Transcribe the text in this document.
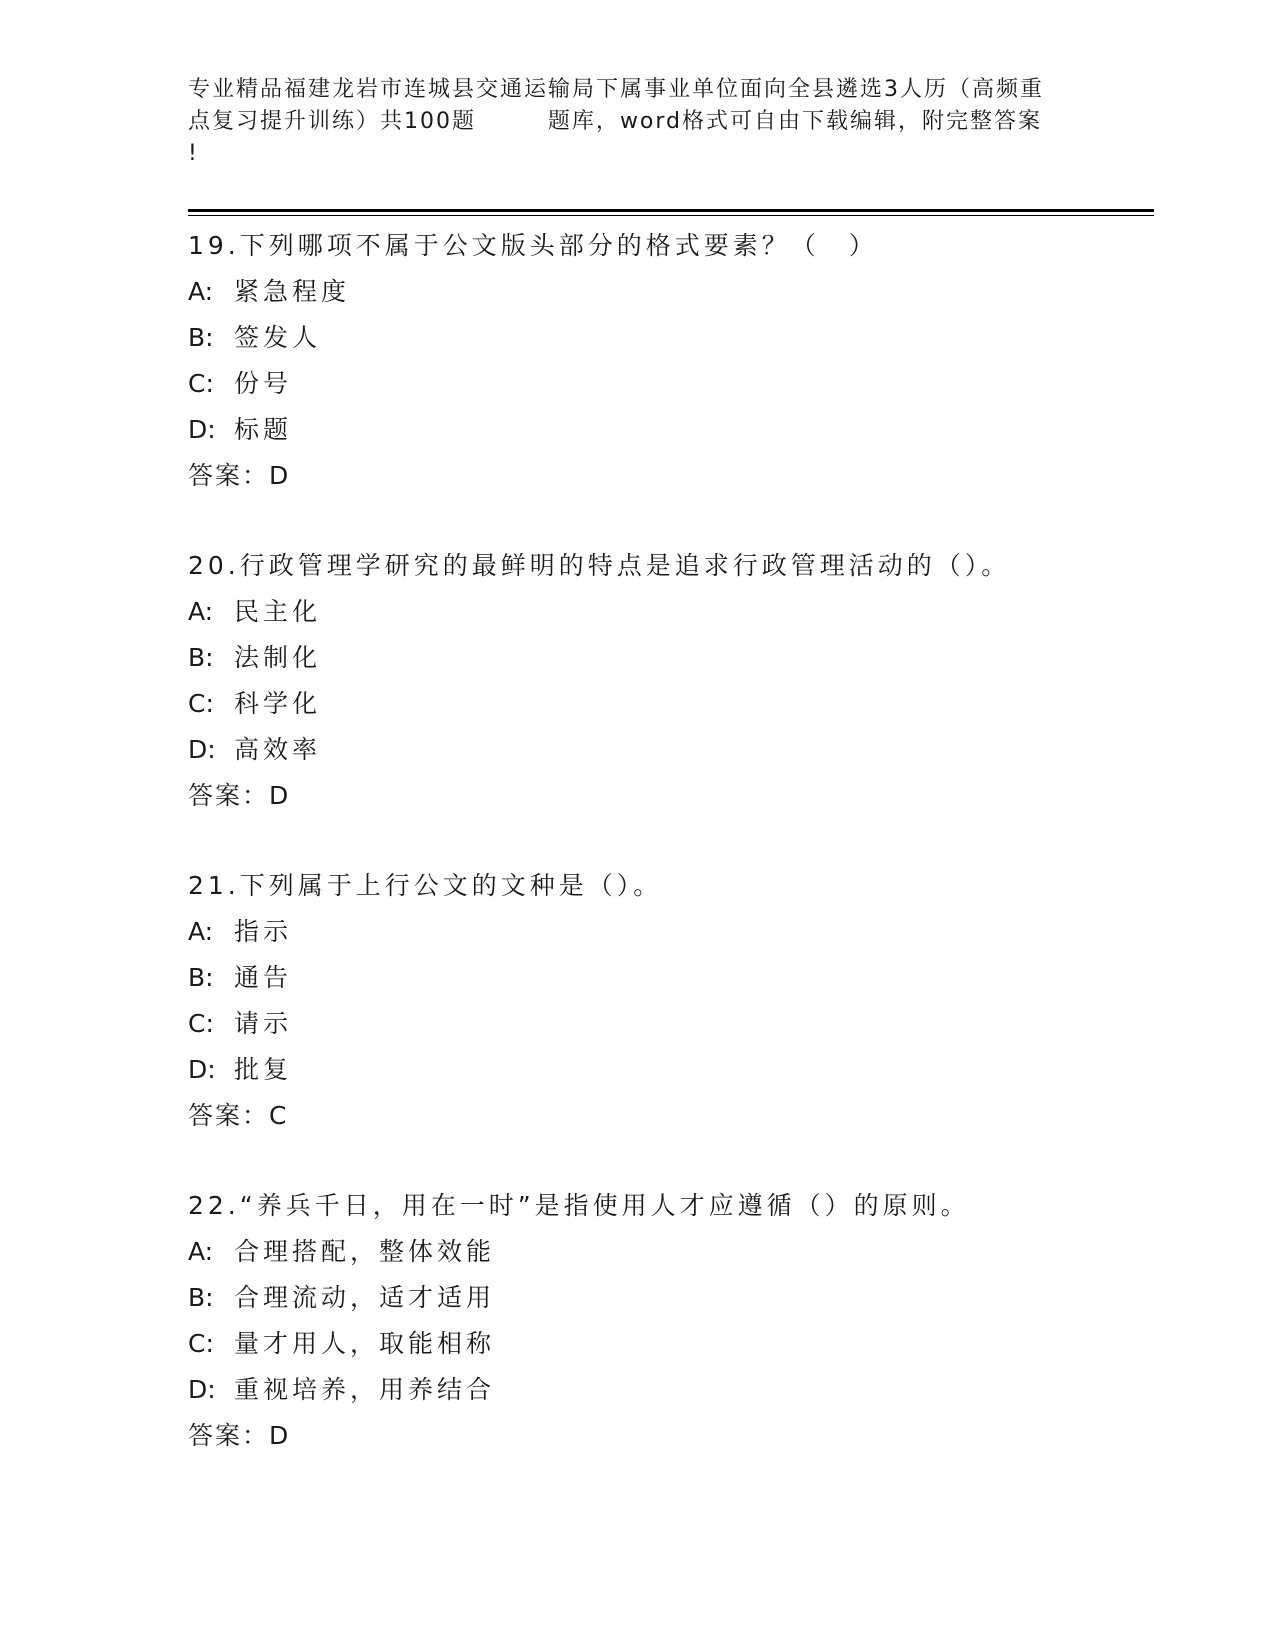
专业精品福建龙岩市连城县交通运输局下属事业单位面向全县遴选3人历（高频重
点复习提升训练）共100题        题库，word格式可自由下载编辑，附完整答案
!
19.下列哪项不属于公文版头部分的格式要素？（　）
A: 紧急程度
B: 签发人
C: 份号
D: 标题
答案：D
20.行政管理学研究的最鲜明的特点是追求行政管理活动的（）。
A: 民主化
B: 法制化
C: 科学化
D: 高效率
答案：D
21.下列属于上行公文的文种是（）。
A: 指示
B: 通告
C: 请示
D: 批复
答案：C
22.“养兵千日，用在一时”是指使用人才应遵循（）的原则。
A: 合理搭配，整体效能
B: 合理流动，适才适用
C: 量才用人，取能相称
D: 重视培养，用养结合
答案：D
